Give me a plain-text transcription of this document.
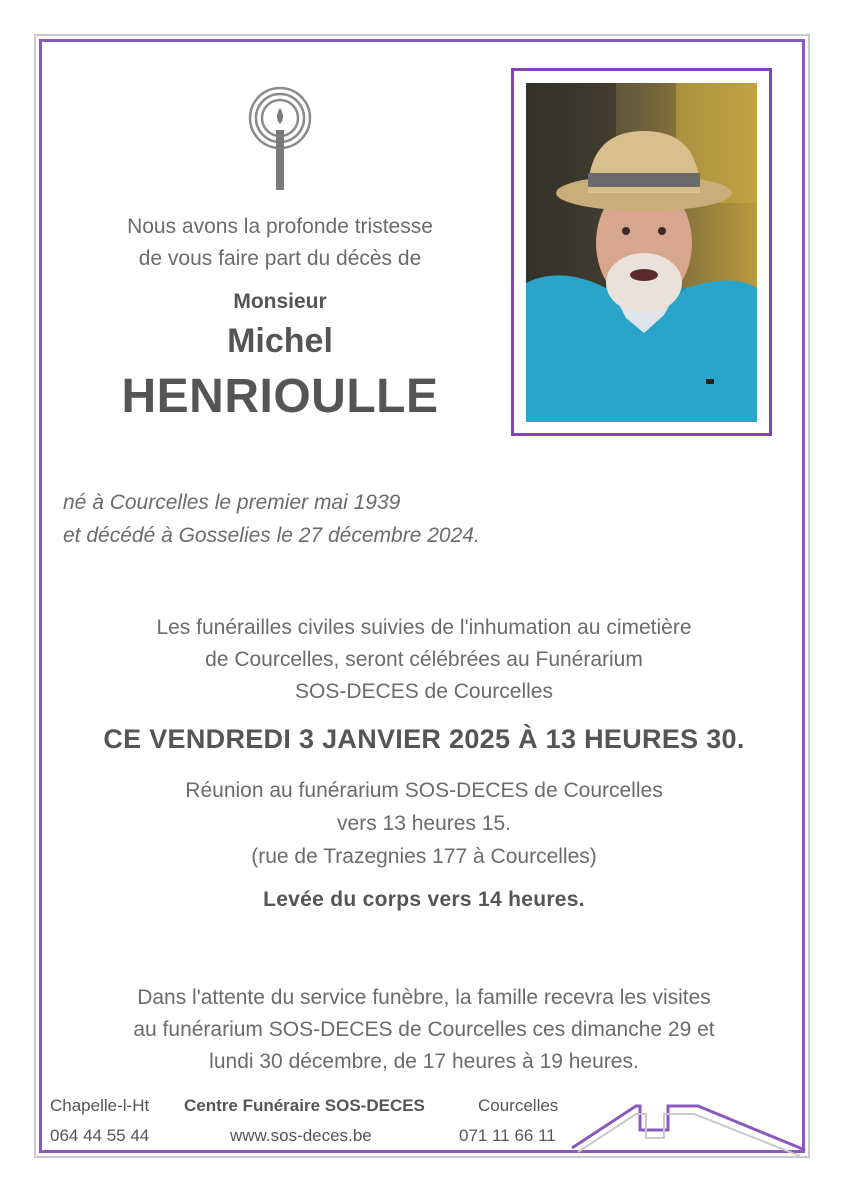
Nous avons la profonde tristesse
de vous faire part du décès de
Monsieur
Michel
HENRIOULLE
né à Courcelles le premier mai 1939
et décédé à Gosselies le 27 décembre 2024.
Les funérailles civiles suivies de l'inhumation au cimetière
de Courcelles, seront célébrées au Funérarium
SOS-DECES de Courcelles
CE VENDREDI 3 JANVIER 2025 À 13 HEURES 30.
Réunion au funérarium SOS-DECES de Courcelles
vers 13 heures 15.
(rue de Trazegnies 177 à Courcelles)
Levée du corps vers 14 heures.
Dans l'attente du service funèbre, la famille recevra les visites
au funérarium SOS-DECES de Courcelles ces dimanche 29 et
lundi 30 décembre, de 17 heures à 19 heures.
Chapelle-l-Ht
064 44 55 44
Centre Funéraire SOS-DECES
www.sos-deces.be
Courcelles
071 11 66 11
